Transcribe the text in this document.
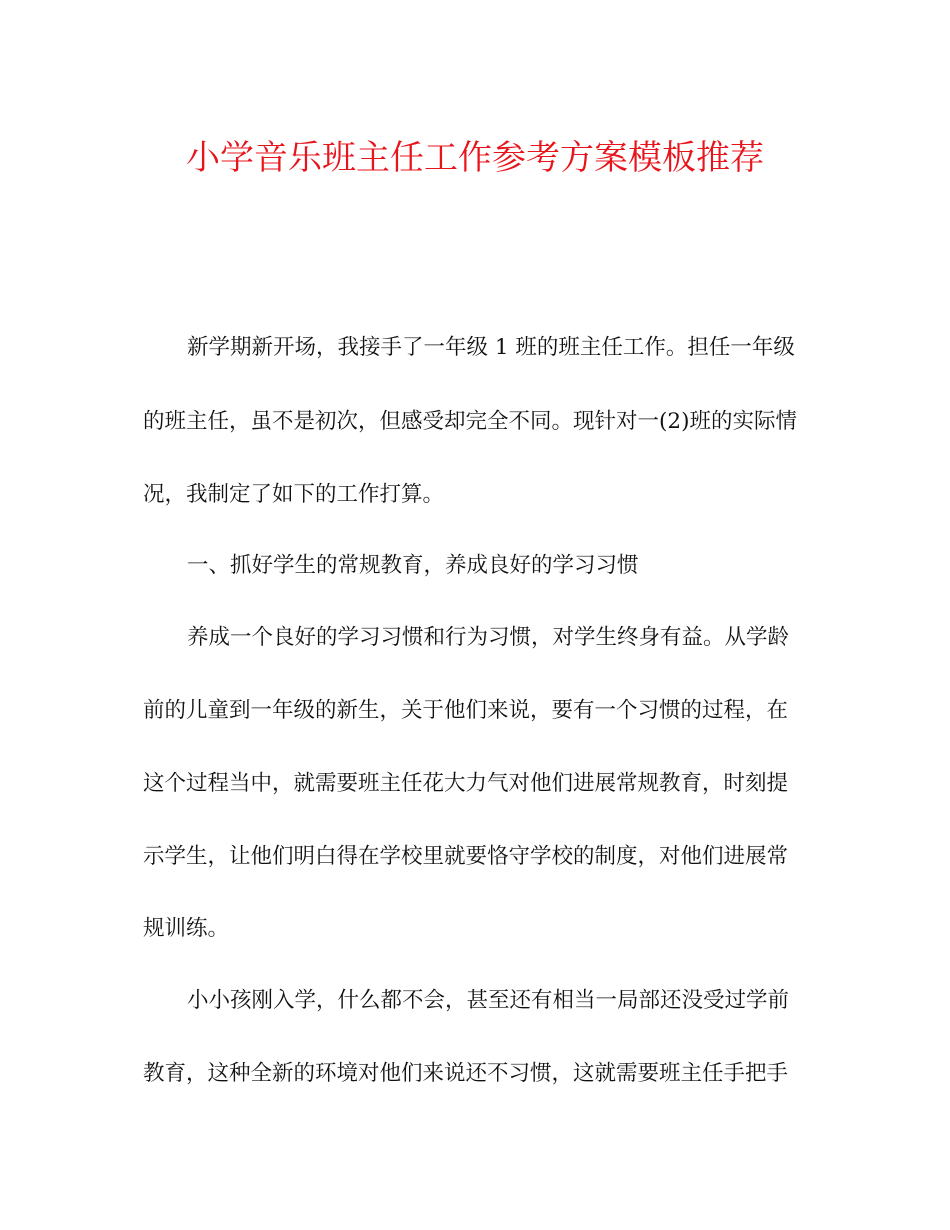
小学音乐班主任工作参考方案模板推荐

新学期新开场，我接手了一年级 1 班的班主任工作。担任一年级

的班主任，虽不是初次，但感受却完全不同。现针对一(2)班的实际情

况，我制定了如下的工作打算。

一、抓好学生的常规教育，养成良好的学习习惯

养成一个良好的学习习惯和行为习惯，对学生终身有益。从学龄

前的儿童到一年级的新生，关于他们来说，要有一个习惯的过程，在

这个过程当中，就需要班主任花大力气对他们进展常规教育，时刻提

示学生，让他们明白得在学校里就要恪守学校的制度，对他们进展常

规训练。

小小孩刚入学，什么都不会，甚至还有相当一局部还没受过学前

教育，这种全新的环境对他们来说还不习惯，这就需要班主任手把手
